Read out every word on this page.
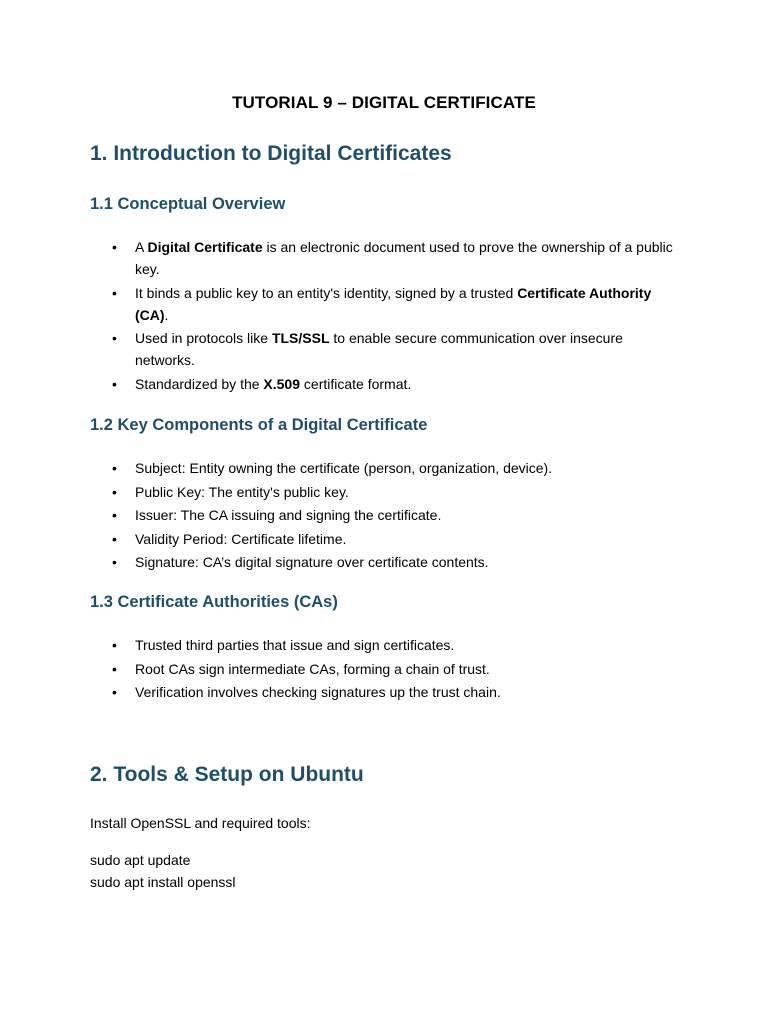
TUTORIAL 9 – DIGITAL CERTIFICATE
1. Introduction to Digital Certificates
1.1 Conceptual Overview
• A Digital Certificate is an electronic document used to prove the ownership of a public key.
• It binds a public key to an entity's identity, signed by a trusted Certificate Authority (CA).
• Used in protocols like TLS/SSL to enable secure communication over insecure networks.
• Standardized by the X.509 certificate format.
1.2 Key Components of a Digital Certificate
• Subject: Entity owning the certificate (person, organization, device).
• Public Key: The entity's public key.
• Issuer: The CA issuing and signing the certificate.
• Validity Period: Certificate lifetime.
• Signature: CA’s digital signature over certificate contents.
1.3 Certificate Authorities (CAs)
• Trusted third parties that issue and sign certificates.
• Root CAs sign intermediate CAs, forming a chain of trust.
• Verification involves checking signatures up the trust chain.
2. Tools & Setup on Ubuntu
Install OpenSSL and required tools:
sudo apt update
sudo apt install openssl
